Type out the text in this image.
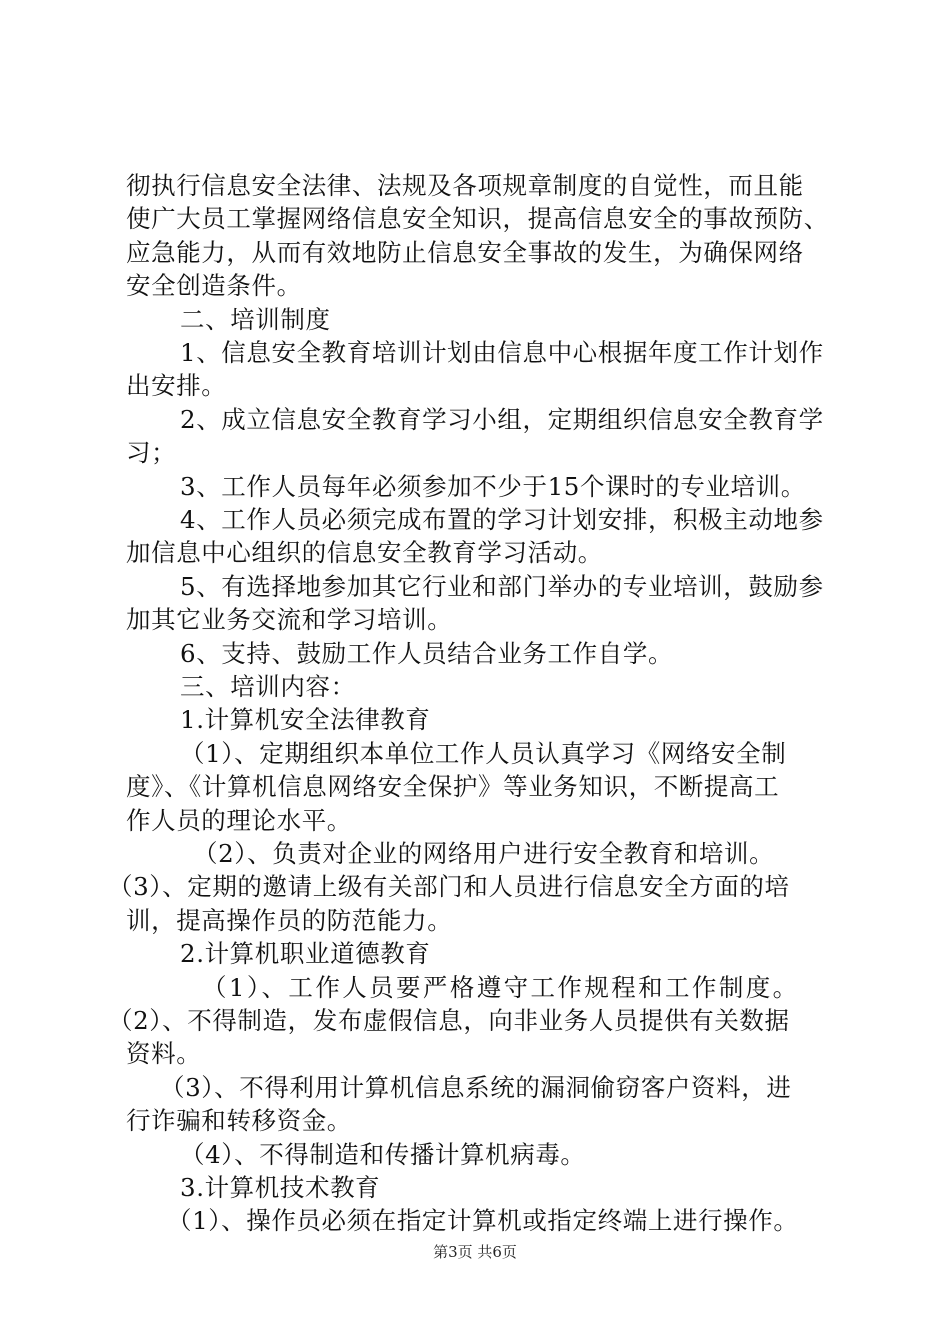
彻执行信息安全法律、法规及各项规章制度的自觉性，而且能
使广大员工掌握网络信息安全知识，提高信息安全的事故预防、
应急能力，从而有效地防止信息安全事故的发生，为确保网络
安全创造条件。
二、培训制度
1、信息安全教育培训计划由信息中心根据年度工作计划作
出安排。
2、成立信息安全教育学习小组，定期组织信息安全教育学
习；
3、工作人员每年必须参加不少于15个课时的专业培训。
4、工作人员必须完成布置的学习计划安排，积极主动地参
加信息中心组织的信息安全教育学习活动。
5、有选择地参加其它行业和部门举办的专业培训，鼓励参
加其它业务交流和学习培训。
6、支持、鼓励工作人员结合业务工作自学。
三、培训内容：
1.计算机安全法律教育
（1）、定期组织本单位工作人员认真学习《网络安全制
度》、《计算机信息网络安全保护》等业务知识，不断提高工
作人员的理论水平。
（2）、负责对企业的网络用户进行安全教育和培训。
（3）、定期的邀请上级有关部门和人员进行信息安全方面的培
训，提高操作员的防范能力。
2.计算机职业道德教育
（1）、工作人员要严格遵守工作规程和工作制度。
（2）、不得制造，发布虚假信息，向非业务人员提供有关数据
资料。
（3）、不得利用计算机信息系统的漏洞偷窃客户资料，进
行诈骗和转移资金。
（4）、不得制造和传播计算机病毒。
3.计算机技术教育
（1）、操作员必须在指定计算机或指定终端上进行操作。
第3页 共6页
